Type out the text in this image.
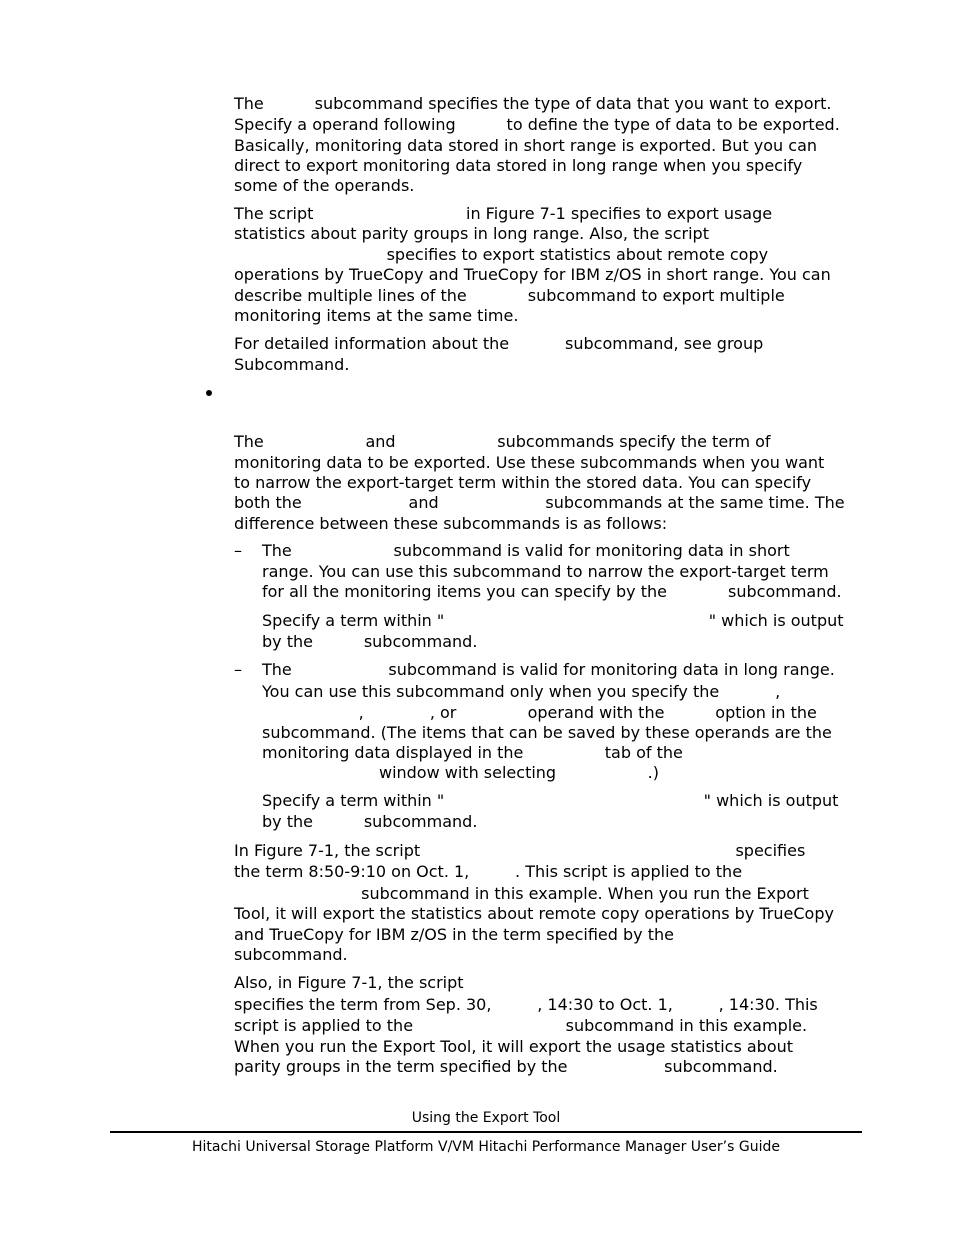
The          subcommand specifies the type of data that you want to export.
Specify a operand following          to define the type of data to be exported.
Basically, monitoring data stored in short range is exported. But you can
direct to export monitoring data stored in long range when you specify
some of the operands.
The script                              in Figure 7-1 specifies to export usage
statistics about parity groups in long range. Also, the script
specifies to export statistics about remote copy
operations by TrueCopy and TrueCopy for IBM z/OS in short range. You can
describe multiple lines of the            subcommand to export multiple
monitoring items at the same time.
For detailed information about the           subcommand, see group
Subcommand.
The                    and                    subcommands specify the term of
monitoring data to be exported. Use these subcommands when you want
to narrow the export-target term within the stored data. You can specify
both the                     and                     subcommands at the same time. The
difference between these subcommands is as follows:
The                    subcommand is valid for monitoring data in short
range. You can use this subcommand to narrow the export-target term
for all the monitoring items you can specify by the            subcommand.
Specify a term within "                                                    " which is output
by the          subcommand.
The                   subcommand is valid for monitoring data in long range.
You can use this subcommand only when you specify the           ,
,             , or              operand with the          option in the
subcommand. (The items that can be saved by these operands are the
monitoring data displayed in the                tab of the
window with selecting                  .)
Specify a term within "                                                   " which is output
by the          subcommand.
In Figure 7-1, the script                                                              specifies
the term 8:50-9:10 on Oct. 1,         . This script is applied to the
subcommand in this example. When you run the Export
Tool, it will export the statistics about remote copy operations by TrueCopy
and TrueCopy for IBM z/OS in the term specified by the
subcommand.
Also, in Figure 7-1, the script
specifies the term from Sep. 30,         , 14:30 to Oct. 1,         , 14:30. This
script is applied to the                              subcommand in this example.
When you run the Export Tool, it will export the usage statistics about
parity groups in the term specified by the                   subcommand.
–
–
Using the Export Tool
Hitachi Universal Storage Platform V/VM Hitachi Performance Manager User’s Guide
